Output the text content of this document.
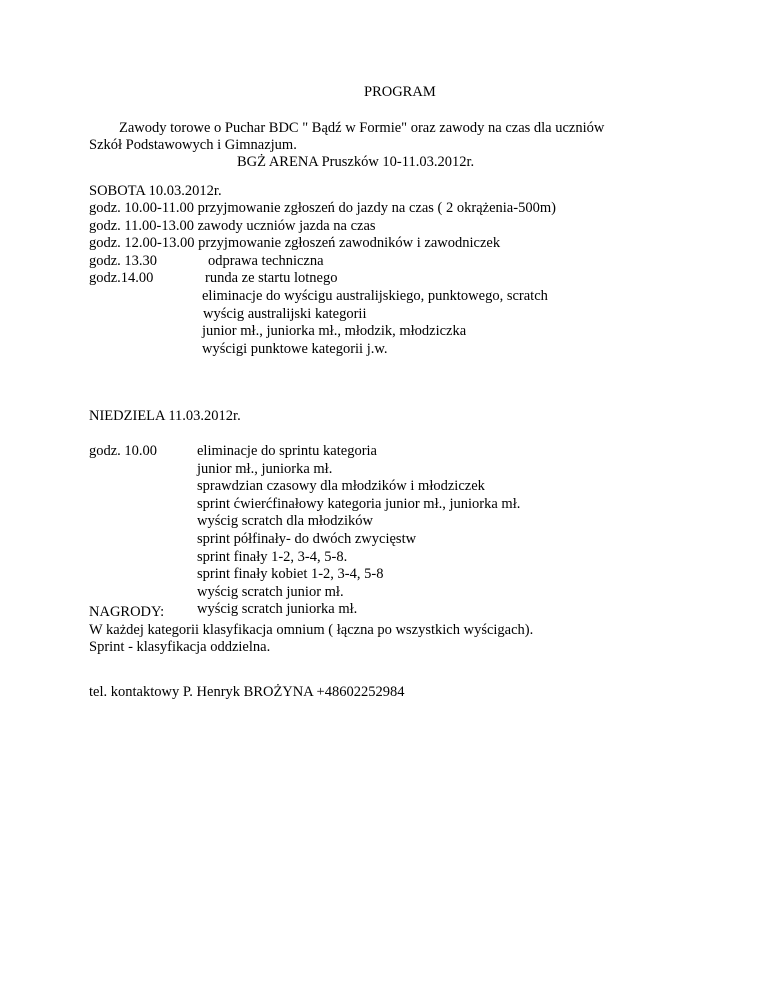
PROGRAM
Zawody torowe o Puchar BDC " Bądź w Formie" oraz zawody na czas dla uczniów
Szkół Podstawowych i Gimnazjum.
BGŻ ARENA Pruszków 10-11.03.2012r.
SOBOTA 10.03.2012r.
godz. 10.00-11.00 przyjmowanie zgłoszeń do jazdy na czas ( 2 okrążenia-500m)
godz. 11.00-13.00 zawody uczniów jazda na czas
godz. 12.00-13.00 przyjmowanie zgłoszeń zawodników i zawodniczek
godz. 13.30	odprawa techniczna
godz.14.00	runda ze startu lotnego
eliminacje do wyścigu australijskiego, punktowego, scratch
wyścig australijski kategorii
junior mł., juniorka mł., młodzik, młodziczka
wyścigi punktowe kategorii j.w.
NIEDZIELA 11.03.2012r.
godz. 10.00	eliminacje do sprintu kategoria
junior mł., juniorka mł.
sprawdzian czasowy dla młodzików i młodziczek
sprint ćwierćfinałowy kategoria junior mł., juniorka mł.
wyścig scratch dla młodzików
sprint półfinały- do dwóch zwycięstw
sprint finały 1-2, 3-4, 5-8.
sprint finały kobiet 1-2, 3-4, 5-8
wyścig scratch junior mł.
wyścig scratch juniorka mł.
NAGRODY:
W każdej kategorii klasyfikacja omnium ( łączna po wszystkich wyścigach).
Sprint - klasyfikacja oddzielna.
tel. kontaktowy P. Henryk BROŻYNA +48602252984
